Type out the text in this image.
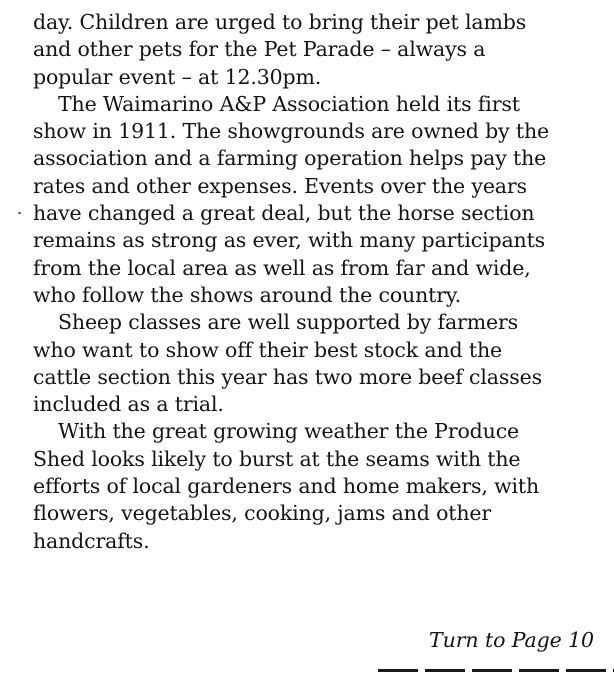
day. Children are urged to bring their pet lambs
and other pets for the Pet Parade – always a
popular event – at 12.30pm.

The Waimarino A&P Association held its first
show in 1911. The showgrounds are owned by the
association and a farming operation helps pay the
rates and other expenses. Events over the years
have changed a great deal, but the horse section
remains as strong as ever, with many participants
from the local area as well as from far and wide,
who follow the shows around the country.

Sheep classes are well supported by farmers
who want to show off their best stock and the
cattle section this year has two more beef classes
included as a trial.

With the great growing weather the Produce
Shed looks likely to burst at the seams with the
efforts of local gardeners and home makers, with
flowers, vegetables, cooking, jams and other
handcrafts.

Turn to Page 10
